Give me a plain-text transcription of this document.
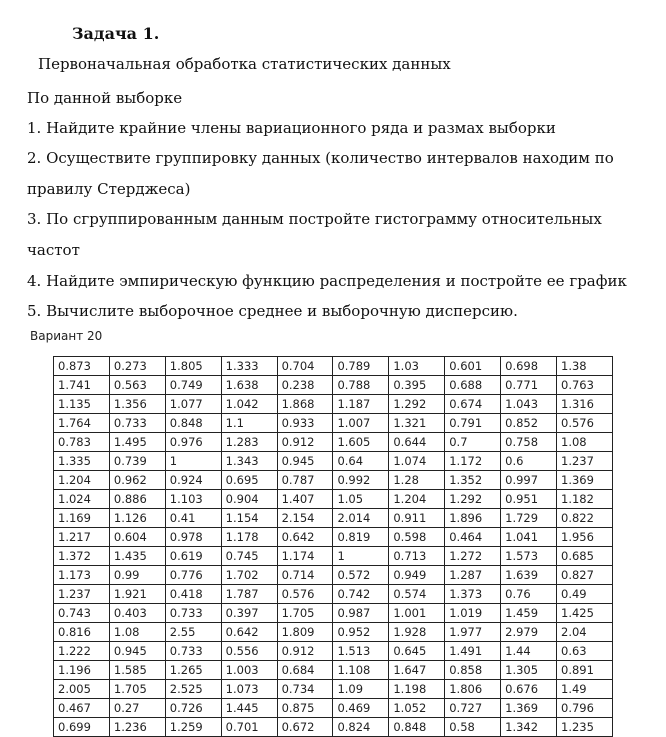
Задача 1.
Первоначальная обработка статистических данных
По данной выборке
1. Найдите крайние члены вариационного ряда и размах выборки
2. Осуществите группировку данных (количество интервалов находим по
правилу Стерджеса)
3. По сгруппированным данным постройте гистограмму относительных
частот
4. Найдите эмпирическую функцию распределения и постройте ее график
5. Вычислите выборочное среднее и выборочную дисперсию.
Вариант 20
0.873	0.273	1.805	1.333	0.704	0.789	1.03	0.601	0.698	1.38
1.741	0.563	0.749	1.638	0.238	0.788	0.395	0.688	0.771	0.763
1.135	1.356	1.077	1.042	1.868	1.187	1.292	0.674	1.043	1.316
1.764	0.733	0.848	1.1	0.933	1.007	1.321	0.791	0.852	0.576
0.783	1.495	0.976	1.283	0.912	1.605	0.644	0.7	0.758	1.08
1.335	0.739	1	1.343	0.945	0.64	1.074	1.172	0.6	1.237
1.204	0.962	0.924	0.695	0.787	0.992	1.28	1.352	0.997	1.369
1.024	0.886	1.103	0.904	1.407	1.05	1.204	1.292	0.951	1.182
1.169	1.126	0.41	1.154	2.154	2.014	0.911	1.896	1.729	0.822
1.217	0.604	0.978	1.178	0.642	0.819	0.598	0.464	1.041	1.956
1.372	1.435	0.619	0.745	1.174	1	0.713	1.272	1.573	0.685
1.173	0.99	0.776	1.702	0.714	0.572	0.949	1.287	1.639	0.827
1.237	1.921	0.418	1.787	0.576	0.742	0.574	1.373	0.76	0.49
0.743	0.403	0.733	0.397	1.705	0.987	1.001	1.019	1.459	1.425
0.816	1.08	2.55	0.642	1.809	0.952	1.928	1.977	2.979	2.04
1.222	0.945	0.733	0.556	0.912	1.513	0.645	1.491	1.44	0.63
1.196	1.585	1.265	1.003	0.684	1.108	1.647	0.858	1.305	0.891
2.005	1.705	2.525	1.073	0.734	1.09	1.198	1.806	0.676	1.49
0.467	0.27	0.726	1.445	0.875	0.469	1.052	0.727	1.369	0.796
0.699	1.236	1.259	0.701	0.672	0.824	0.848	0.58	1.342	1.235
